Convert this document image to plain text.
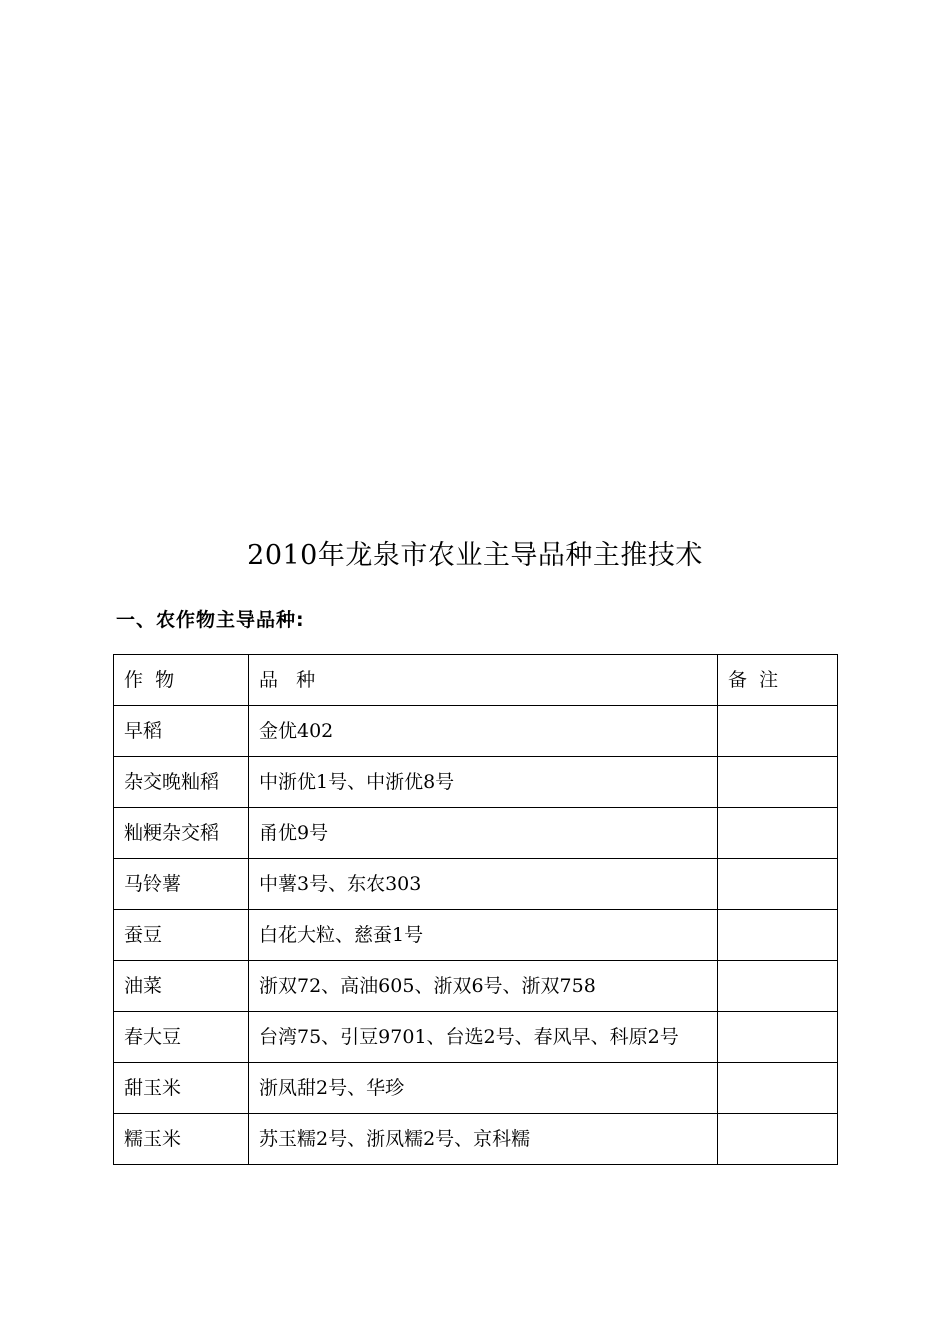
2010年龙泉市农业主导品种主推技术
一、农作物主导品种:
作  物	品   种	备  注
早稻	金优402	
杂交晚籼稻	中浙优1号、中浙优8号	
籼粳杂交稻	甬优9号	
马铃薯	中薯3号、东农303	
蚕豆	白花大粒、慈蚕1号	
油菜	浙双72、高油605、浙双6号、浙双758	
春大豆	台湾75、引豆9701、台选2号、春风早、科原2号	
甜玉米	浙凤甜2号、华珍	
糯玉米	苏玉糯2号、浙凤糯2号、京科糯	
